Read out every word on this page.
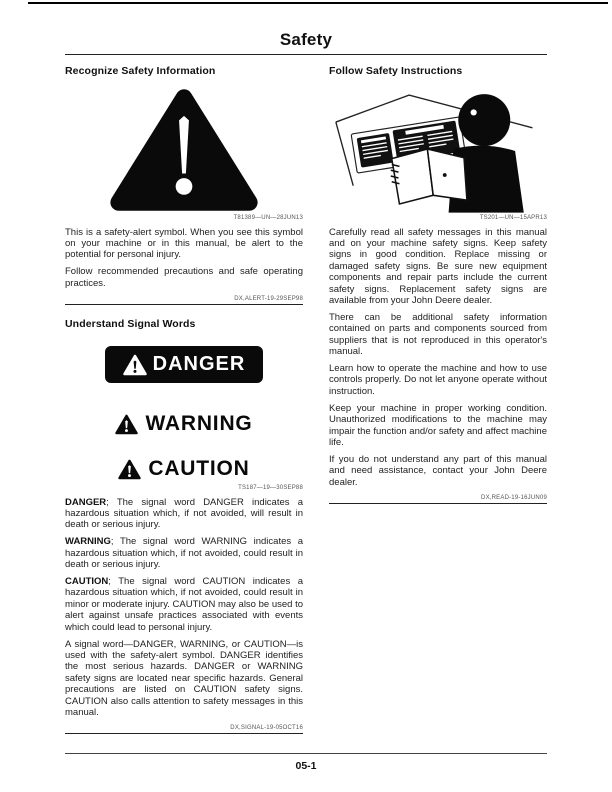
Safety
Recognize Safety Information
T81389—UN—28JUN13

This is a safety-alert symbol. When you see this symbol on your machine or in this manual, be alert to the potential for personal injury.

Follow recommended precautions and safe operating practices.

DX,ALERT-19-29SEP98
Understand Signal Words
DANGER
WARNING
CAUTION
TS187—19—30SEP88

DANGER; The signal word DANGER indicates a hazardous situation which, if not avoided, will result in death or serious injury.

WARNING; The signal word WARNING indicates a hazardous situation which, if not avoided, could result in death or serious injury.

CAUTION; The signal word CAUTION indicates a hazardous situation which, if not avoided, could result in minor or moderate injury. CAUTION may also be used to alert against unsafe practices associated with events which could lead to personal injury.

A signal word—DANGER, WARNING, or CAUTION—is used with the safety-alert symbol. DANGER identifies the most serious hazards. DANGER or WARNING safety signs are located near specific hazards. General precautions are listed on CAUTION safety signs. CAUTION also calls attention to safety messages in this manual.

DX,SIGNAL-19-05OCT16
Follow Safety Instructions
TS201—UN—15APR13

Carefully read all safety messages in this manual and on your machine safety signs. Keep safety signs in good condition. Replace missing or damaged safety signs. Be sure new equipment components and repair parts include the current safety signs. Replacement safety signs are available from your John Deere dealer.

There can be additional safety information contained on parts and components sourced from suppliers that is not reproduced in this operator's manual.

Learn how to operate the machine and how to use controls properly. Do not let anyone operate without instruction.

Keep your machine in proper working condition. Unauthorized modifications to the machine may impair the function and/or safety and affect machine life.

If you do not understand any part of this manual and need assistance, contact your John Deere dealer.

DX,READ-19-16JUN09
05-1
